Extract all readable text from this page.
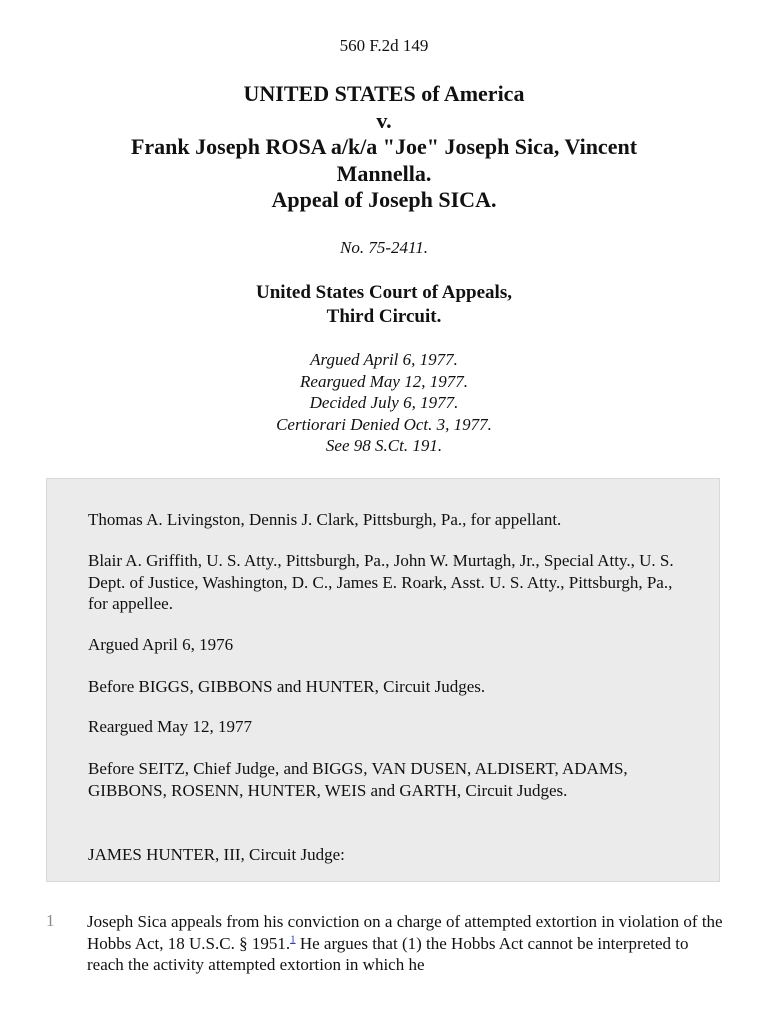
560 F.2d 149
UNITED STATES of America
v.
Frank Joseph ROSA a/k/a "Joe" Joseph Sica, Vincent
Mannella.
Appeal of Joseph SICA.
No. 75-2411.
United States Court of Appeals,
Third Circuit.
Argued April 6, 1977.
Reargued May 12, 1977.
Decided July 6, 1977.
Certiorari Denied Oct. 3, 1977.
See 98 S.Ct. 191.

Thomas A. Livingston, Dennis J. Clark, Pittsburgh, Pa., for appellant.

Blair A. Griffith, U. S. Atty., Pittsburgh, Pa., John W. Murtagh, Jr., Special Atty., U. S. Dept. of Justice, Washington, D. C., James E. Roark, Asst. U. S. Atty., Pittsburgh, Pa., for appellee.

Argued April 6, 1976

Before BIGGS, GIBBONS and HUNTER, Circuit Judges.

Reargued May 12, 1977

Before SEITZ, Chief Judge, and BIGGS, VAN DUSEN, ALDISERT, ADAMS, GIBBONS, ROSENN, HUNTER, WEIS and GARTH, Circuit Judges.

JAMES HUNTER, III, Circuit Judge:

1 Joseph Sica appeals from his conviction on a charge of attempted extortion in violation of the Hobbs Act, 18 U.S.C. § 1951.$^1$ He argues that (1) the Hobbs Act cannot be interpreted to reach the activity attempted extortion in which he
